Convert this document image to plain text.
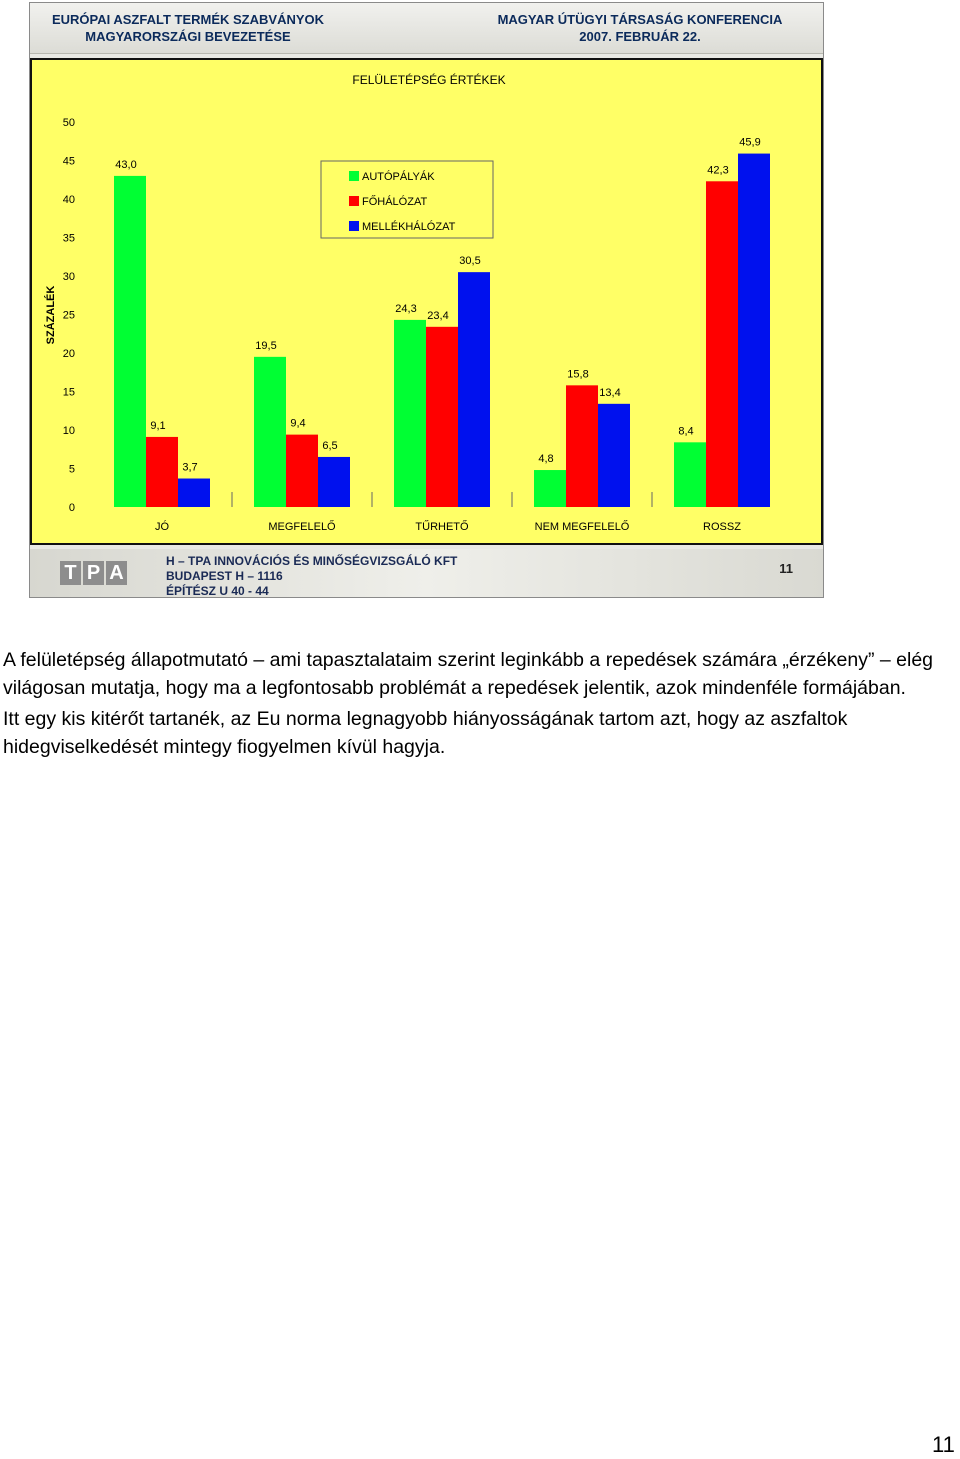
EURÓPAI ASZFALT TERMÉK SZABVÁNYOK
MAGYARORSZÁGI BEVEZETÉSE
MAGYAR ÚTÜGYI TÁRSASÁG KONFERENCIA
2007. FEBRUÁR 22.
FELÜLETÉPSÉG ÉRTÉKEK
SZÁZALÉK
0
5
10
15
20
25
30
35
40
45
50
43,0
9,1
3,7
JÓ
19,5
9,4
6,5
MEGFELELŐ
24,3
23,4
30,5
TŰRHETŐ
4,8
15,8
13,4
NEM MEGFELELŐ
8,4
42,3
45,9
ROSSZ
AUTÓPÁLYÁK
FŐHÁLÓZAT
MELLÉKHÁLÓZAT
T P A
H – TPA INNOVÁCIÓS ÉS MINŐSÉGVIZSGÁLÓ KFT
BUDAPEST H – 1116
ÉPÍTÉSZ U 40 - 44
11

A felületépség állapotmutató – ami tapasztalataim szerint leginkább a repedések számára „érzékeny” – elég világosan mutatja, hogy ma a legfontosabb problémát a repedések jelentik, azok mindenféle formájában.

Itt egy kis kitérőt tartanék, az Eu norma legnagyobb hiányosságának tartom azt, hogy az aszfaltok hidegviselkedését mintegy fiogyelmen kívül hagyja.

11
